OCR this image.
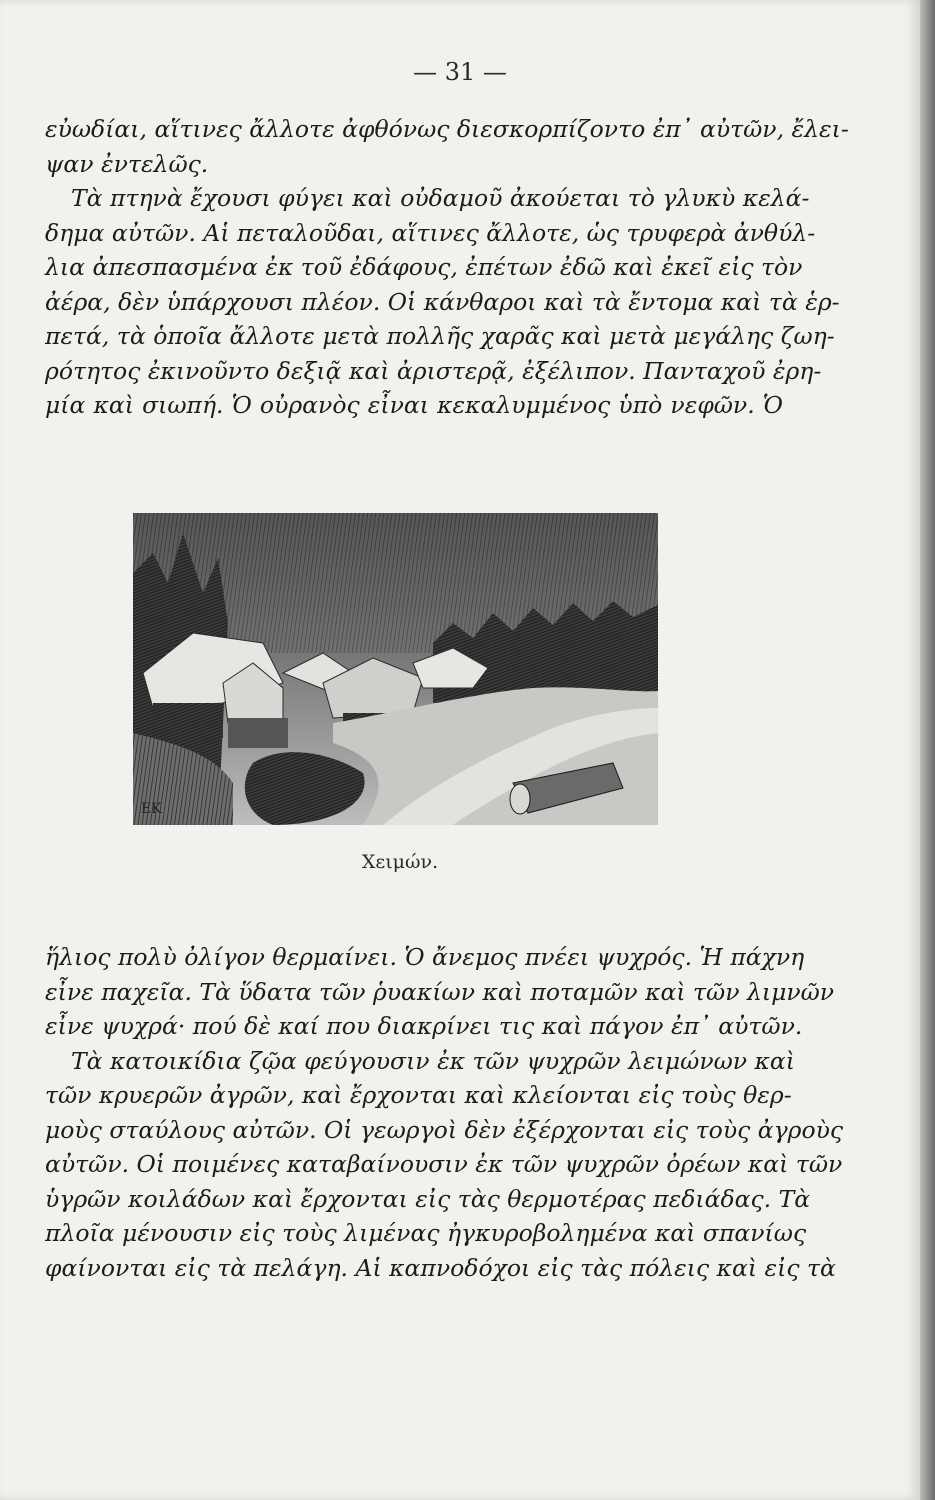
— 31 —
εὐωδίαι, αἵτινες ἄλλοτε ἀφθόνως διεσκορπίζοντο ἐπ᾽ αὐτῶν, ἔλει-
ψαν ἐντελῶς.
Τὰ πτηνὰ ἔχουσι φύγει καὶ οὐδαμοῦ ἀκούεται τὸ γλυκὺ κελά-
δημα αὐτῶν. Αἱ πεταλοῦδαι, αἵτινες ἄλλοτε, ὡς τρυφερὰ ἀνθύλ-
λια ἀπεσπασμένα ἐκ τοῦ ἐδάφους, ἐπέτων ἐδῶ καὶ ἐκεῖ εἰς τὸν
ἀέρα, δὲν ὑπάρχουσι πλέον. Οἱ κάνθαροι καὶ τὰ ἔντομα καὶ τὰ ἑρ-
πετά, τὰ ὁποῖα ἄλλοτε μετὰ πολλῆς χαρᾶς καὶ μετὰ μεγάλης ζωη-
ρότητος ἐκινοῦντο δεξιᾷ καὶ ἀριστερᾷ, ἐξέλιπον. Πανταχοῦ ἐρη-
μία καὶ σιωπή. Ὁ οὐρανὸς εἶναι κεκαλυμμένος ὑπὸ νεφῶν. Ὁ
ΕΚ
Χειμών.
ἥλιος πολὺ ὀλίγον θερμαίνει. Ὁ ἄνεμος πνέει ψυχρός. Ἡ πάχνη
εἶνε παχεῖα. Τὰ ὕδατα τῶν ῥυακίων καὶ ποταμῶν καὶ τῶν λιμνῶν
εἶνε ψυχρά· πού δὲ καί που διακρίνει τις καὶ πάγον ἐπ᾽ αὐτῶν.
Τὰ κατοικίδια ζῷα φεύγουσιν ἐκ τῶν ψυχρῶν λειμώνων καὶ
τῶν κρυερῶν ἀγρῶν, καὶ ἔρχονται καὶ κλείονται εἰς τοὺς θερ-
μοὺς σταύλους αὐτῶν. Οἱ γεωργοὶ δὲν ἐξέρχονται εἰς τοὺς ἀγροὺς
αὐτῶν. Οἱ ποιμένες καταβαίνουσιν ἐκ τῶν ψυχρῶν ὀρέων καὶ τῶν
ὑγρῶν κοιλάδων καὶ ἔρχονται εἰς τὰς θερμοτέρας πεδιάδας. Τὰ
πλοῖα μένουσιν εἰς τοὺς λιμένας ἠγκυροβολημένα καὶ σπανίως
φαίνονται εἰς τὰ πελάγη. Αἱ καπνοδόχοι εἰς τὰς πόλεις καὶ εἰς τὰ
